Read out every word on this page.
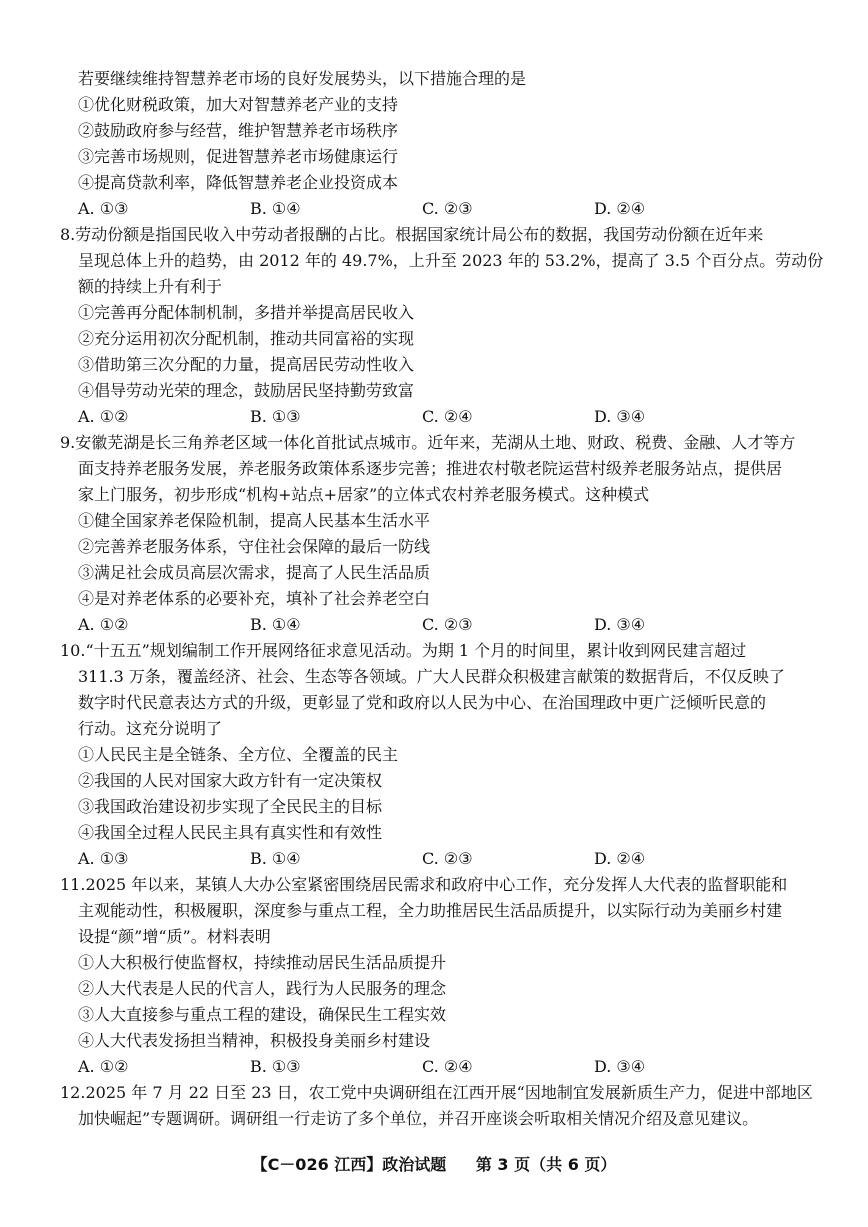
若要继续维持智慧养老市场的良好发展势头，以下措施合理的是
①优化财税政策，加大对智慧养老产业的支持
②鼓励政府参与经营，维护智慧养老市场秩序
③完善市场规则，促进智慧养老市场健康运行
④提高贷款利率，降低智慧养老企业投资成本
A. ①③	B. ①④	C. ②③	D. ②④
8.劳动份额是指国民收入中劳动者报酬的占比。根据国家统计局公布的数据，我国劳动份额在近年来
呈现总体上升的趋势，由 2012 年的 49.7%，上升至 2023 年的 53.2%，提高了 3.5 个百分点。劳动份
额的持续上升有利于
①完善再分配体制机制，多措并举提高居民收入
②充分运用初次分配机制，推动共同富裕的实现
③借助第三次分配的力量，提高居民劳动性收入
④倡导劳动光荣的理念，鼓励居民坚持勤劳致富
A. ①②	B. ①③	C. ②④	D. ③④
9.安徽芜湖是长三角养老区域一体化首批试点城市。近年来，芜湖从土地、财政、税费、金融、人才等方
面支持养老服务发展，养老服务政策体系逐步完善；推进农村敬老院运营村级养老服务站点，提供居
家上门服务，初步形成“机构+站点+居家”的立体式农村养老服务模式。这种模式
①健全国家养老保险机制，提高人民基本生活水平
②完善养老服务体系，守住社会保障的最后一防线
③满足社会成员高层次需求，提高了人民生活品质
④是对养老体系的必要补充，填补了社会养老空白
A. ①②	B. ①④	C. ②③	D. ③④
10.“十五五”规划编制工作开展网络征求意见活动。为期 1 个月的时间里，累计收到网民建言超过
311.3 万条，覆盖经济、社会、生态等各领域。广大人民群众积极建言献策的数据背后，不仅反映了
数字时代民意表达方式的升级，更彰显了党和政府以人民为中心、在治国理政中更广泛倾听民意的
行动。这充分说明了
①人民民主是全链条、全方位、全覆盖的民主
②我国的人民对国家大政方针有一定决策权
③我国政治建设初步实现了全民民主的目标
④我国全过程人民民主具有真实性和有效性
A. ①③	B. ①④	C. ②③	D. ②④
11.2025 年以来，某镇人大办公室紧密围绕居民需求和政府中心工作，充分发挥人大代表的监督职能和
主观能动性，积极履职，深度参与重点工程，全力助推居民生活品质提升，以实际行动为美丽乡村建
设提“颜”增“质”。材料表明
①人大积极行使监督权，持续推动居民生活品质提升
②人大代表是人民的代言人，践行为人民服务的理念
③人大直接参与重点工程的建设，确保民生工程实效
④人大代表发扬担当精神，积极投身美丽乡村建设
A. ①②	B. ①③	C. ②④	D. ③④
12.2025 年 7 月 22 日至 23 日，农工党中央调研组在江西开展“因地制宜发展新质生产力，促进中部地区
加快崛起”专题调研。调研组一行走访了多个单位，并召开座谈会听取相关情况介绍及意见建议。
【C－026 江西】政治试题 第 3 页（共 6 页）
